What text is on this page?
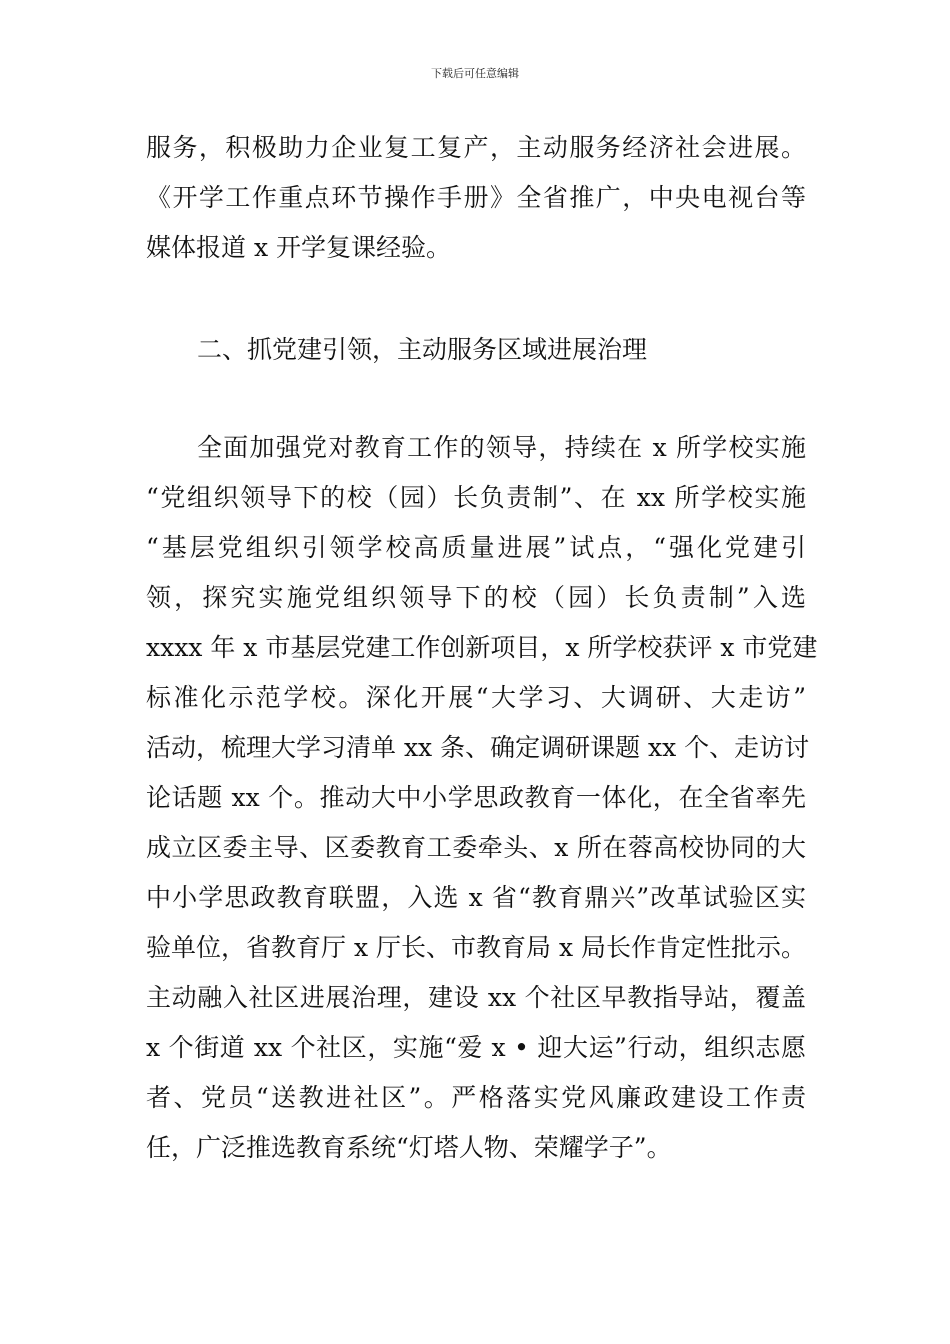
下载后可任意编辑
服务，积极助力企业复工复产，主动服务经济社会进展。
《开学工作重点环节操作手册》全省推广，中央电视台等
媒体报道 x 开学复课经验。
二、抓党建引领，主动服务区域进展治理
全面加强党对教育工作的领导，持续在 x 所学校实施
“党组织领导下的校（园）长负责制”、在 xx 所学校实施
“基层党组织引领学校高质量进展”试点，“强化党建引
领，探究实施党组织领导下的校（园）长负责制”入选
xxxx 年 x 市基层党建工作创新项目，x 所学校获评 x 市党建
标准化示范学校。深化开展“大学习、大调研、大走访”
活动，梳理大学习清单 xx 条、确定调研课题 xx 个、走访讨
论话题 xx 个。推动大中小学思政教育一体化，在全省率先
成立区委主导、区委教育工委牵头、x 所在蓉高校协同的大
中小学思政教育联盟，入选 x 省“教育鼎兴”改革试验区实
验单位，省教育厅 x 厅长、市教育局 x 局长作肯定性批示。
主动融入社区进展治理，建设 xx 个社区早教指导站，覆盖
x 个街道 xx 个社区，实施“爱 x • 迎大运”行动，组织志愿
者、党员“送教进社区”。严格落实党风廉政建设工作责
任，广泛推选教育系统“灯塔人物、荣耀学子”。
